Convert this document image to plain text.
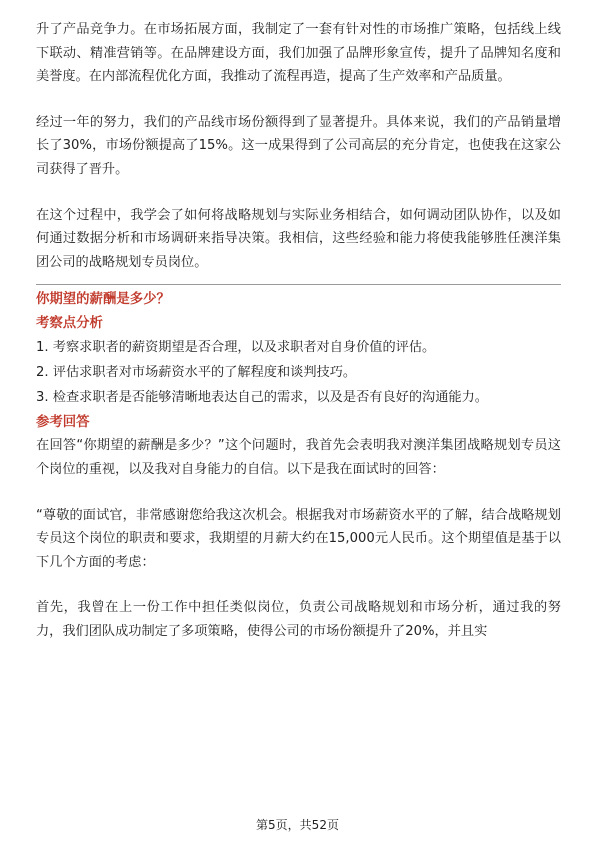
升了产品竞争力。在市场拓展方面，我制定了一套有针对性的市场推广策略，包括线上线下联动、精准营销等。在品牌建设方面，我们加强了品牌形象宣传，提升了品牌知名度和美誉度。在内部流程优化方面，我推动了流程再造，提高了生产效率和产品质量。

经过一年的努力，我们的产品线市场份额得到了显著提升。具体来说，我们的产品销量增长了30%，市场份额提高了15%。这一成果得到了公司高层的充分肯定，也使我在这家公司获得了晋升。

在这个过程中，我学会了如何将战略规划与实际业务相结合，如何调动团队协作，以及如何通过数据分析和市场调研来指导决策。我相信，这些经验和能力将使我能够胜任澳洋集团公司的战略规划专员岗位。

你期望的薪酬是多少？

考察点分析

1. 考察求职者的薪资期望是否合理，以及求职者对自身价值的评估。

2. 评估求职者对市场薪资水平的了解程度和谈判技巧。

3. 检查求职者是否能够清晰地表达自己的需求，以及是否有良好的沟通能力。

参考回答

在回答“你期望的薪酬是多少？”这个问题时，我首先会表明我对澳洋集团战略规划专员这个岗位的重视，以及我对自身能力的自信。以下是我在面试时的回答：

“尊敬的面试官，非常感谢您给我这次机会。根据我对市场薪资水平的了解，结合战略规划专员这个岗位的职责和要求，我期望的月薪大约在15,000元人民币。这个期望值是基于以下几个方面的考虑：

首先，我曾在上一份工作中担任类似岗位，负责公司战略规划和市场分析，通过我的努力，我们团队成功制定了多项策略，使得公司的市场份额提升了20%，并且实

第5页，共52页
